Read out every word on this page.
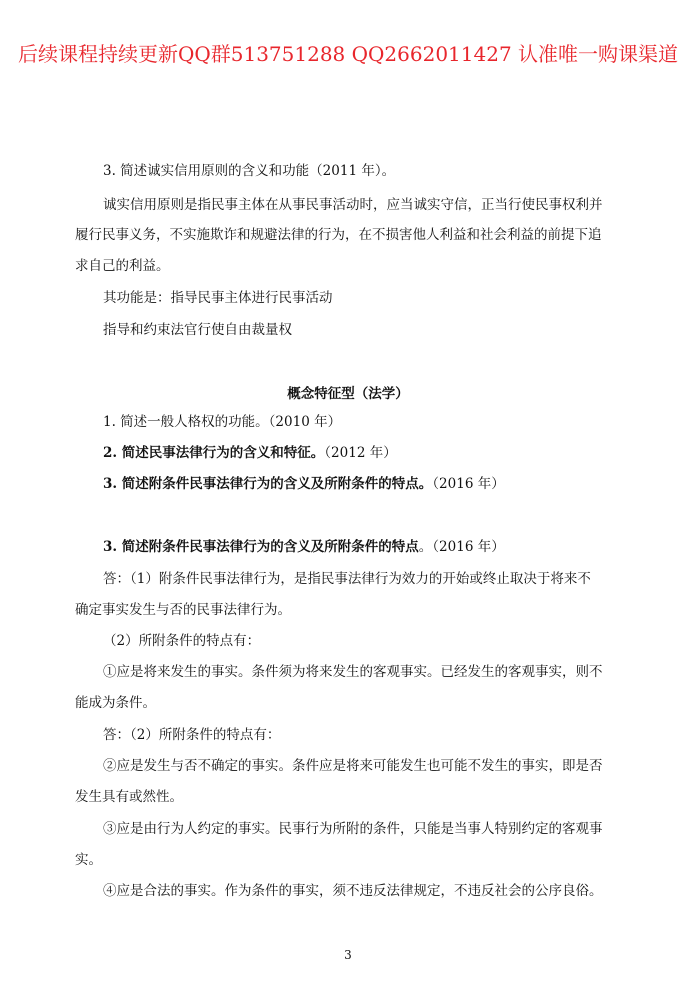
后续课程持续更新QQ群513751288 QQ2662011427 认准唯一购课渠道
3. 简述诚实信用原则的含义和功能（2011 年）。
诚实信用原则是指民事主体在从事民事活动时，应当诚实守信，正当行使民事权利并
履行民事义务，不实施欺诈和规避法律的行为，在不损害他人利益和社会利益的前提下追
求自己的利益。
其功能是：指导民事主体进行民事活动
指导和约束法官行使自由裁量权
概念特征型（法学）
1. 简述一般人格权的功能。（2010 年）
2. 简述民事法律行为的含义和特征。（2012 年）
3. 简述附条件民事法律行为的含义及所附条件的特点。（2016 年）
3. 简述附条件民事法律行为的含义及所附条件的特点。（2016 年）
答：（1）附条件民事法律行为，是指民事法律行为效力的开始或终止取决于将来不
确定事实发生与否的民事法律行为。
（2）所附条件的特点有：
①应是将来发生的事实。条件须为将来发生的客观事实。已经发生的客观事实，则不
能成为条件。
答：（2）所附条件的特点有：
②应是发生与否不确定的事实。条件应是将来可能发生也可能不发生的事实，即是否
发生具有或然性。
③应是由行为人约定的事实。民事行为所附的条件，只能是当事人特别约定的客观事
实。
④应是合法的事实。作为条件的事实，须不违反法律规定，不违反社会的公序良俗。
3
